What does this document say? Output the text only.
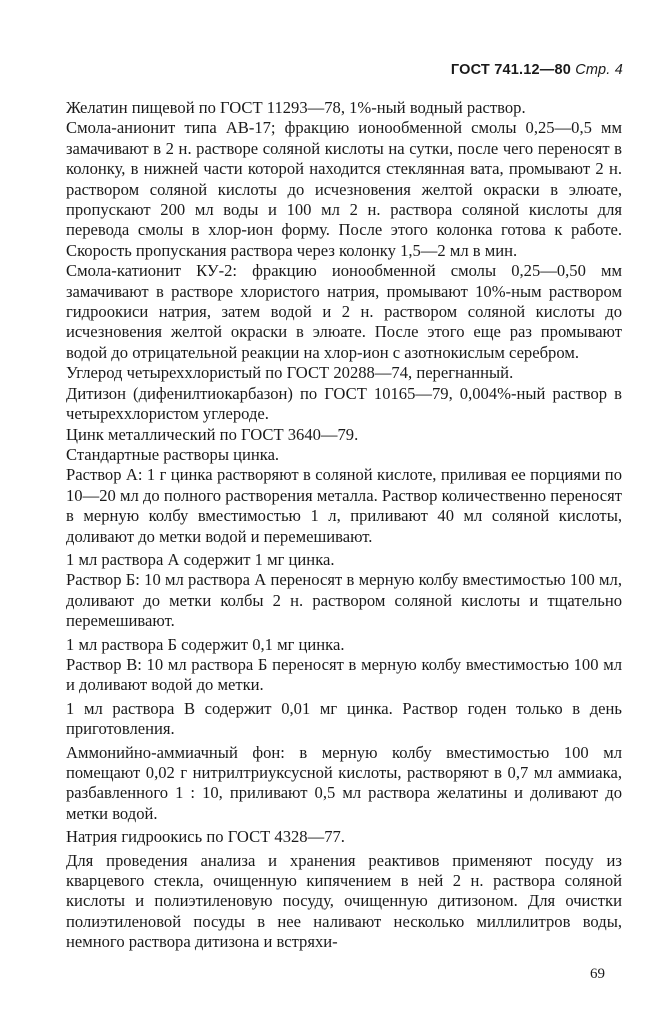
ГОСТ 741.12—80 Стр. 4

Желатин пищевой по ГОСТ 11293—78, 1%-ный водный раствор.

Смола-анионит типа АВ-17; фракцию ионообменной смолы 0,25—0,5 мм замачивают в 2 н. растворе соляной кислоты на сутки, после чего переносят в колонку, в нижней части которой находится стеклянная вата, промывают 2 н. раствором соляной кислоты до исчезновения желтой окраски в элюате, пропускают 200 мл воды и 100 мл 2 н. раствора соляной кислоты для перевода смолы в хлор-ион форму. После этого колонка готова к работе. Скорость пропускания раствора через колонку 1,5—2 мл в мин.

Смола-катионит КУ-2: фракцию ионообменной смолы 0,25—0,50 мм замачивают в растворе хлористого натрия, промывают 10%-ным раствором гидроокиси натрия, затем водой и 2 н. раствором соляной кислоты до исчезновения желтой окраски в элюате. После этого еще раз промывают водой до отрицательной реакции на хлор-ион с азотнокислым серебром.

Углерод четыреххлористый по ГОСТ 20288—74, перегнанный.

Дитизон (дифенилтиокарбазон) по ГОСТ 10165—79, 0,004%-ный раствор в четыреххлористом углероде.

Цинк металлический по ГОСТ 3640—79.

Стандартные растворы цинка.

Раствор А: 1 г цинка растворяют в соляной кислоте, приливая ее порциями по 10—20 мл до полного растворения металла. Раствор количественно переносят в мерную колбу вместимостью 1 л, приливают 40 мл соляной кислоты, доливают до метки водой и перемешивают.

1 мл раствора А содержит 1 мг цинка.

Раствор Б: 10 мл раствора А переносят в мерную колбу вместимостью 100 мл, доливают до метки колбы 2 н. раствором соляной кислоты и тщательно перемешивают.

1 мл раствора Б содержит 0,1 мг цинка.

Раствор В: 10 мл раствора Б переносят в мерную колбу вместимостью 100 мл и доливают водой до метки.

1 мл раствора В содержит 0,01 мг цинка. Раствор годен только в день приготовления.

Аммонийно-аммиачный фон: в мерную колбу вместимостью 100 мл помещают 0,02 г нитрилтриуксусной кислоты, растворяют в 0,7 мл аммиака, разбавленного 1 : 10, приливают 0,5 мл раствора желатины и доливают до метки водой.

Натрия гидроокись по ГОСТ 4328—77.

Для проведения анализа и хранения реактивов применяют посуду из кварцевого стекла, очищенную кипячением в ней 2 н. раствора соляной кислоты и полиэтиленовую посуду, очищенную дитизоном. Для очистки полиэтиленовой посуды в нее наливают несколько миллилитров воды, немного раствора дитизона и встряхи-

69
